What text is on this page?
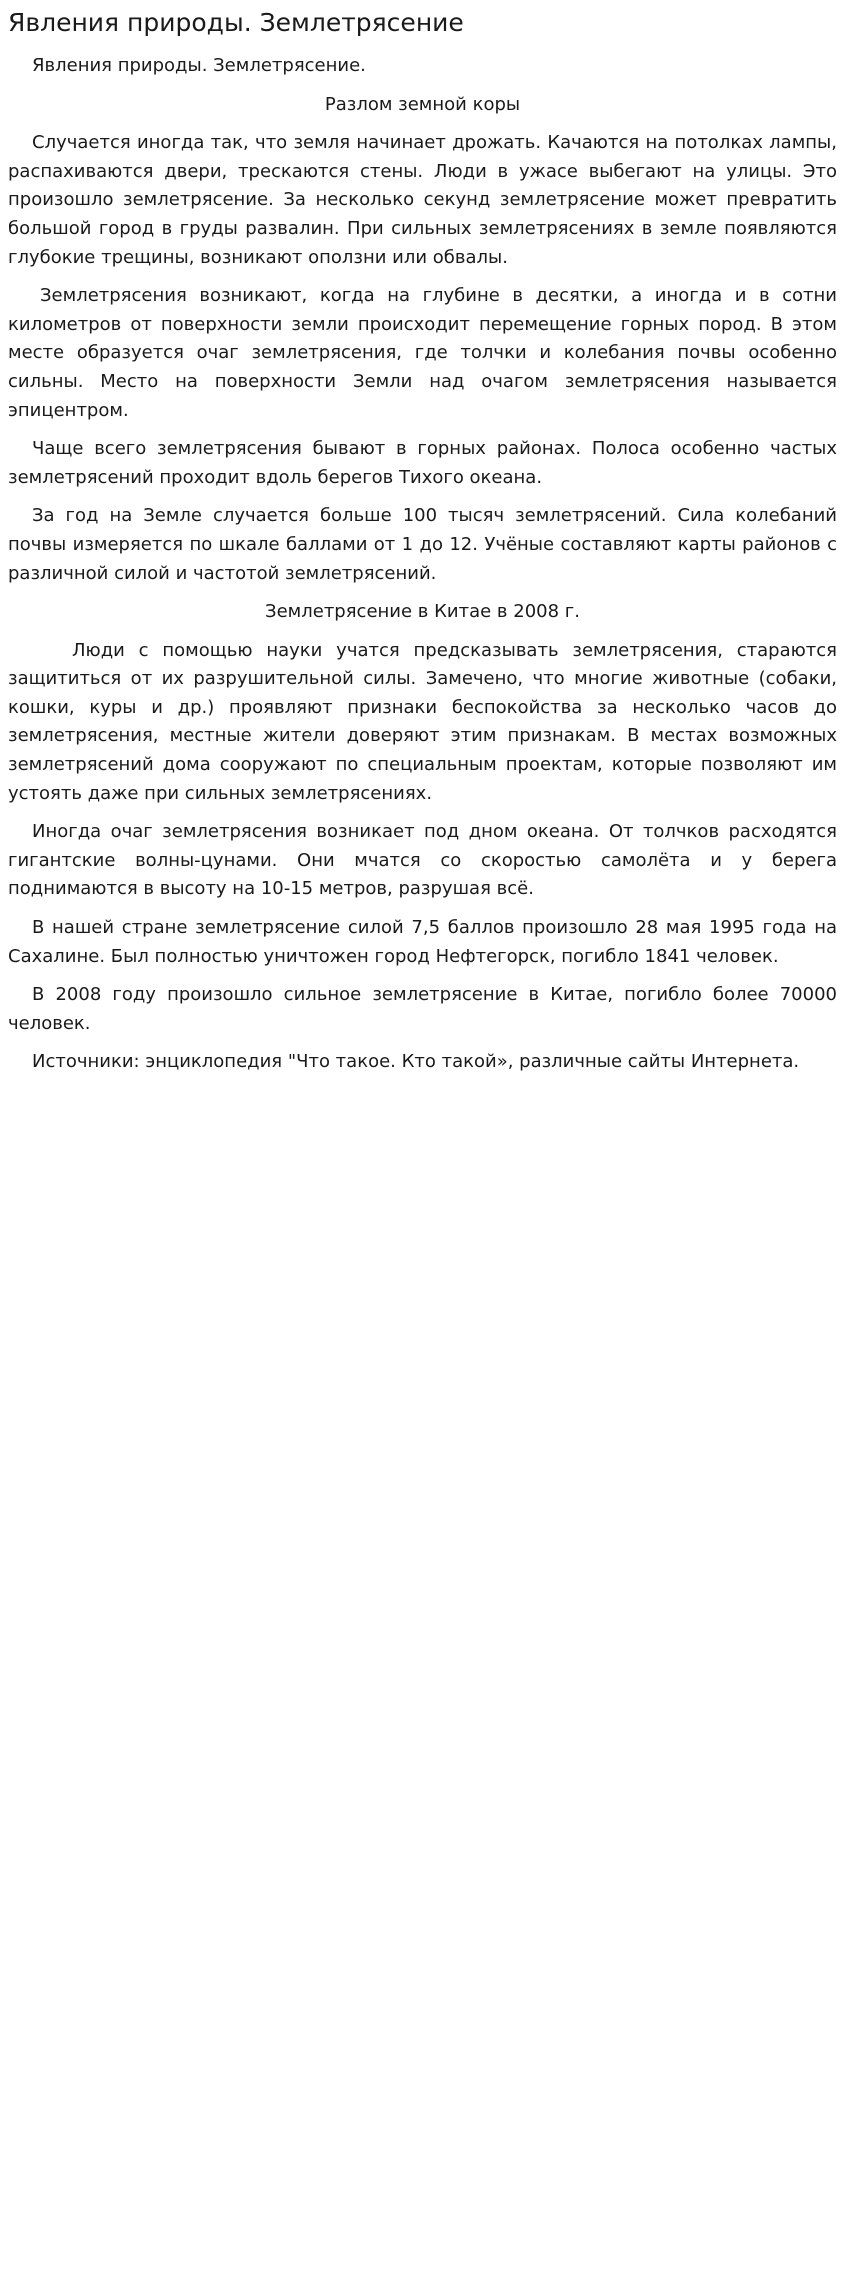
Явления природы. Землетрясение

Явления природы. Землетрясение.

Разлом земной коры

Случается иногда так, что земля начинает дрожать. Качаются на потолках лампы, распахиваются двери, трескаются стены. Люди в ужасе выбегают на улицы. Это произошло землетрясение. За несколько секунд землетрясение может превратить большой город в груды развалин. При сильных землетрясениях в земле появляются глубокие трещины, возникают оползни или обвалы.

Землетрясения возникают, когда на глубине в десятки, а иногда и в сотни километров от поверхности земли происходит перемещение горных пород. В этом месте образуется очаг землетрясения, где толчки и колебания почвы особенно сильны. Место на поверхности Земли над очагом землетрясения называется эпицентром.

Чаще всего землетрясения бывают в горных районах. Полоса особенно частых землетрясений проходит вдоль берегов Тихого океана.

За год на Земле случается больше 100 тысяч землетрясений. Сила колебаний почвы измеряется по шкале баллами от 1 до 12. Учёные составляют карты районов с различной силой и частотой землетрясений.

Землетрясение в Китае в 2008 г.

Люди с помощью науки учатся предсказывать землетрясения, стараются защититься от их разрушительной силы. Замечено, что многие животные (собаки, кошки, куры и др.) проявляют признаки беспокойства за несколько часов до землетрясения, местные жители доверяют этим признакам. В местах возможных землетрясений дома сооружают по специальным проектам, которые позволяют им устоять даже при сильных землетрясениях.

Иногда очаг землетрясения возникает под дном океана. От толчков расходятся гигантские волны-цунами. Они мчатся со скоростью самолёта и у берега поднимаются в высоту на 10-15 метров, разрушая всё.

В нашей стране землетрясение силой 7,5 баллов произошло 28 мая 1995 года на Сахалине. Был полностью уничтожен город Нефтегорск, погибло 1841 человек.

В 2008 году произошло сильное землетрясение в Китае, погибло более 70000 человек.

Источники: энциклопедия "Что такое. Кто такой», различные сайты Интернета.
